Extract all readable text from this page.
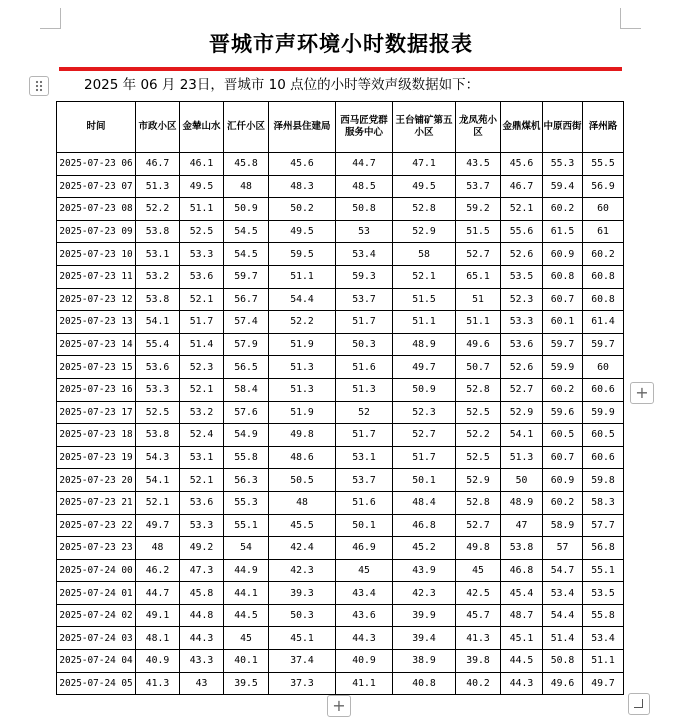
晋城市声环境小时数据报表
2025 年 06 月 23日，晋城市 10 点位的小时等效声级数据如下：
时间	市政小区	金辇山水	汇仟小区	泽州县住建局	西马匠党群服务中心	王台铺矿第五小区	龙凤苑小区	金鼎煤机	中原西街	泽州路
2025-07-23 06	46.7	46.1	45.8	45.6	44.7	47.1	43.5	45.6	55.3	55.5
2025-07-23 07	51.3	49.5	48	48.3	48.5	49.5	53.7	46.7	59.4	56.9
2025-07-23 08	52.2	51.1	50.9	50.2	50.8	52.8	59.2	52.1	60.2	60
2025-07-23 09	53.8	52.5	54.5	49.5	53	52.9	51.5	55.6	61.5	61
2025-07-23 10	53.1	53.3	54.5	59.5	53.4	58	52.7	52.6	60.9	60.2
2025-07-23 11	53.2	53.6	59.7	51.1	59.3	52.1	65.1	53.5	60.8	60.8
2025-07-23 12	53.8	52.1	56.7	54.4	53.7	51.5	51	52.3	60.7	60.8
2025-07-23 13	54.1	51.7	57.4	52.2	51.7	51.1	51.1	53.3	60.1	61.4
2025-07-23 14	55.4	51.4	57.9	51.9	50.3	48.9	49.6	53.6	59.7	59.7
2025-07-23 15	53.6	52.3	56.5	51.3	51.6	49.7	50.7	52.6	59.9	60
2025-07-23 16	53.3	52.1	58.4	51.3	51.3	50.9	52.8	52.7	60.2	60.6
2025-07-23 17	52.5	53.2	57.6	51.9	52	52.3	52.5	52.9	59.6	59.9
2025-07-23 18	53.8	52.4	54.9	49.8	51.7	52.7	52.2	54.1	60.5	60.5
2025-07-23 19	54.3	53.1	55.8	48.6	53.1	51.7	52.5	51.3	60.7	60.6
2025-07-23 20	54.1	52.1	56.3	50.5	53.7	50.1	52.9	50	60.9	59.8
2025-07-23 21	52.1	53.6	55.3	48	51.6	48.4	52.8	48.9	60.2	58.3
2025-07-23 22	49.7	53.3	55.1	45.5	50.1	46.8	52.7	47	58.9	57.7
2025-07-23 23	48	49.2	54	42.4	46.9	45.2	49.8	53.8	57	56.8
2025-07-24 00	46.2	47.3	44.9	42.3	45	43.9	45	46.8	54.7	55.1
2025-07-24 01	44.7	45.8	44.1	39.3	43.4	42.3	42.5	45.4	53.4	53.5
2025-07-24 02	49.1	44.8	44.5	50.3	43.6	39.9	45.7	48.7	54.4	55.8
2025-07-24 03	48.1	44.3	45	45.1	44.3	39.4	41.3	45.1	51.4	53.4
2025-07-24 04	40.9	43.3	40.1	37.4	40.9	38.9	39.8	44.5	50.8	51.1
2025-07-24 05	41.3	43	39.5	37.3	41.1	40.8	40.2	44.3	49.6	49.7
+
+
